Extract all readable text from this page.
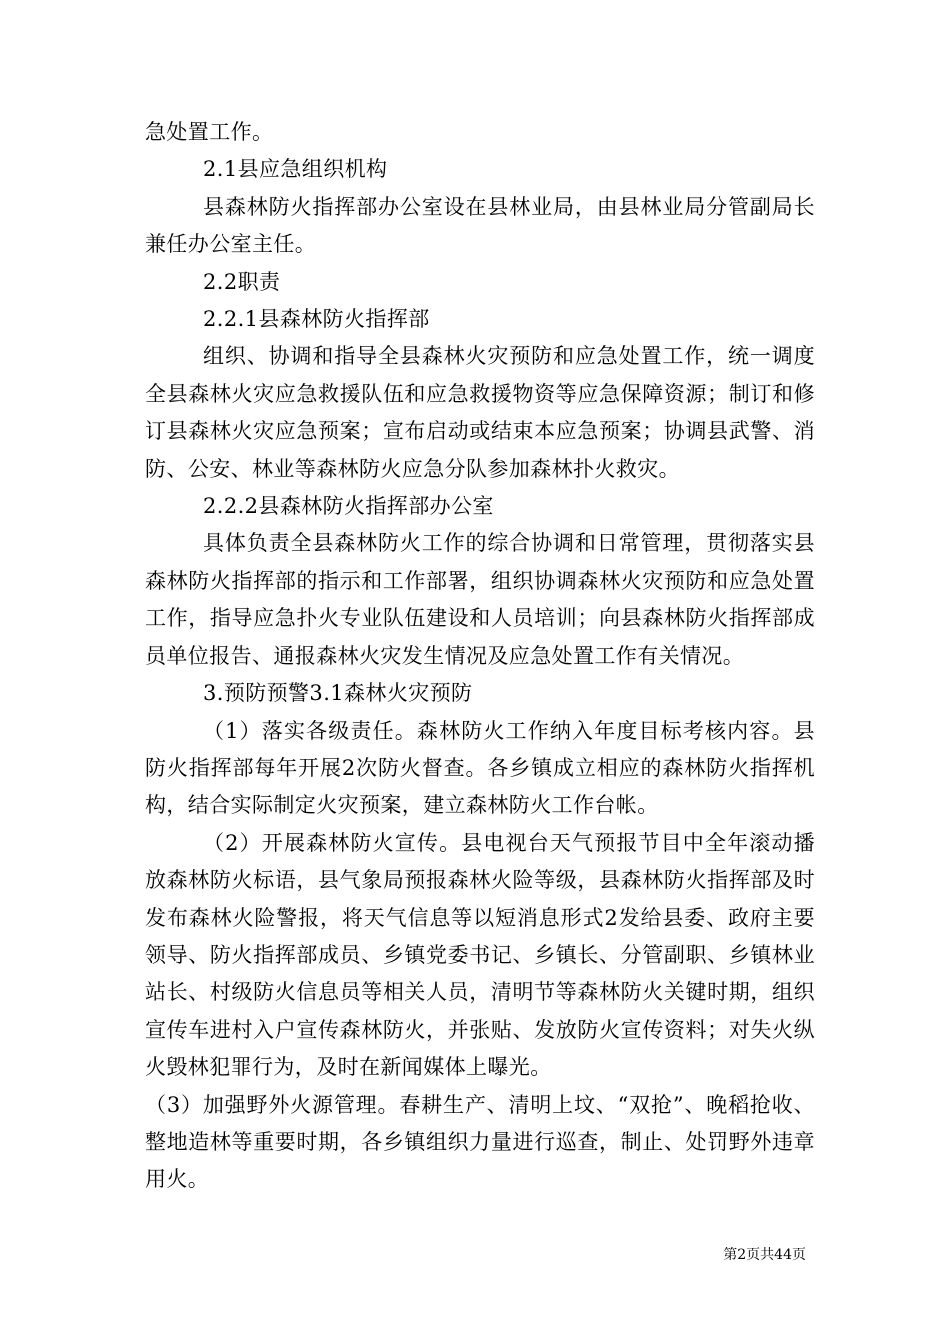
急处置工作。

2.1县应急组织机构

县森林防火指挥部办公室设在县林业局，由县林业局分管副局长兼任办公室主任。

2.2职责

2.2.1县森林防火指挥部

组织、协调和指导全县森林火灾预防和应急处置工作，统一调度全县森林火灾应急救援队伍和应急救援物资等应急保障资源；制订和修订县森林火灾应急预案；宣布启动或结束本应急预案；协调县武警、消防、公安、林业等森林防火应急分队参加森林扑火救灾。

2.2.2县森林防火指挥部办公室

具体负责全县森林防火工作的综合协调和日常管理，贯彻落实县森林防火指挥部的指示和工作部署，组织协调森林火灾预防和应急处置工作，指导应急扑火专业队伍建设和人员培训；向县森林防火指挥部成员单位报告、通报森林火灾发生情况及应急处置工作有关情况。

3.预防预警3.1森林火灾预防

（1）落实各级责任。森林防火工作纳入年度目标考核内容。县防火指挥部每年开展2次防火督查。各乡镇成立相应的森林防火指挥机构，结合实际制定火灾预案，建立森林防火工作台帐。

（2）开展森林防火宣传。县电视台天气预报节目中全年滚动播放森林防火标语，县气象局预报森林火险等级，县森林防火指挥部及时发布森林火险警报，将天气信息等以短消息形式2发给县委、政府主要领导、防火指挥部成员、乡镇党委书记、乡镇长、分管副职、乡镇林业站长、村级防火信息员等相关人员，清明节等森林防火关键时期，组织宣传车进村入户宣传森林防火，并张贴、发放防火宣传资料；对失火纵火毁林犯罪行为，及时在新闻媒体上曝光。

（3）加强野外火源管理。春耕生产、清明上坟、“双抢”、晚稻抢收、整地造林等重要时期，各乡镇组织力量进行巡查，制止、处罚野外违章用火。

第2页共44页
